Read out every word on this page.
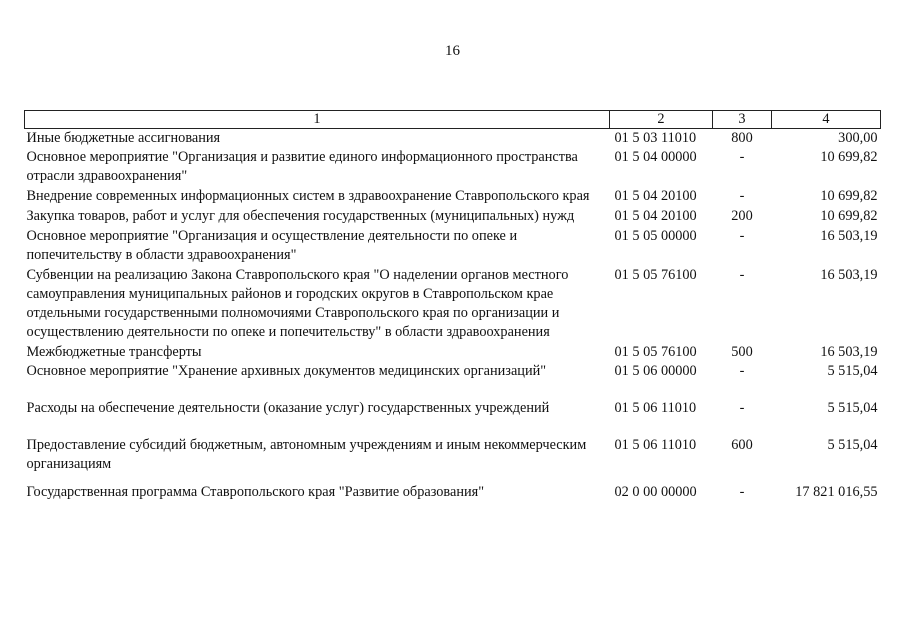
16
1	2	3	4
Иные бюджетные ассигнования	01 5 03 11010	800	300,00
Основное мероприятие "Организация и развитие единого информационного пространства отрасли здравоохранения"	01 5 04 00000	-	10 699,82
Внедрение современных информационных систем в здравоохранение Ставропольского края	01 5 04 20100	-	10 699,82
Закупка товаров, работ и услуг для обеспечения государственных (муниципальных) нужд	01 5 04 20100	200	10 699,82
Основное мероприятие "Организация и осуществление деятельности по опеке и попечительству в области здравоохранения"	01 5 05 00000	-	16 503,19
Субвенции на реализацию Закона Ставропольского края "О наделении органов местного самоуправления муниципальных районов и городских округов в Ставропольском крае отдельными государственными полномочиями Ставропольского края по организации и осуществлению деятельности по опеке и попечительству" в области здравоохранения	01 5 05 76100	-	16 503,19
Межбюджетные трансферты	01 5 05 76100	500	16 503,19
Основное мероприятие "Хранение архивных документов медицинских организаций"	01 5 06 00000	-	5 515,04
Расходы на обеспечение деятельности (оказание услуг) государственных учреждений	01 5 06 11010	-	5 515,04
Предоставление субсидий бюджетным, автономным учреждениям и иным некоммерческим организациям	01 5 06 11010	600	5 515,04
Государственная программа Ставропольского края "Развитие образования"	02 0 00 00000	-	17 821 016,55
